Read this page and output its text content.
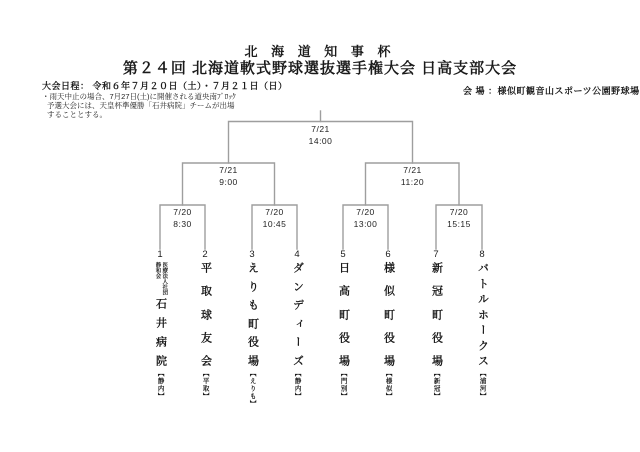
北 海 道 知 事 杯
第２４回 北海道軟式野球選抜選手権大会 日高支部大会
大会日程： 令和６年７月２０日（土）・７月２１日（日）
・雨天中止の場合、7月27日(土)に開催される道央南ﾌﾞﾛｯｸ
予選大会には、天皇杯準優勝「石井病院」チームが出場
することとする。
会 場 ：様似町観音山スポーツ公園野球場
7/21
14:00
7/21
9:00
7/21
11:20
7/20
8:30
7/20
10:45
7/20
13:00
7/20
15:15
1
医療法人社団
静和会
石
井
病
院
【静内】
2
平
取
球
友
会
【平取】
3
え
り
も
町
役
場
【えりも】
4
ダ
ン
デ
ィ
ー
ズ
【静内】
5
日
高
町
役
場
【門別】
6
様
似
町
役
場
【様似】
7
新
冠
町
役
場
【新冠】
8
バ
ト
ル
ホ
ー
ク
ス
【浦河】
